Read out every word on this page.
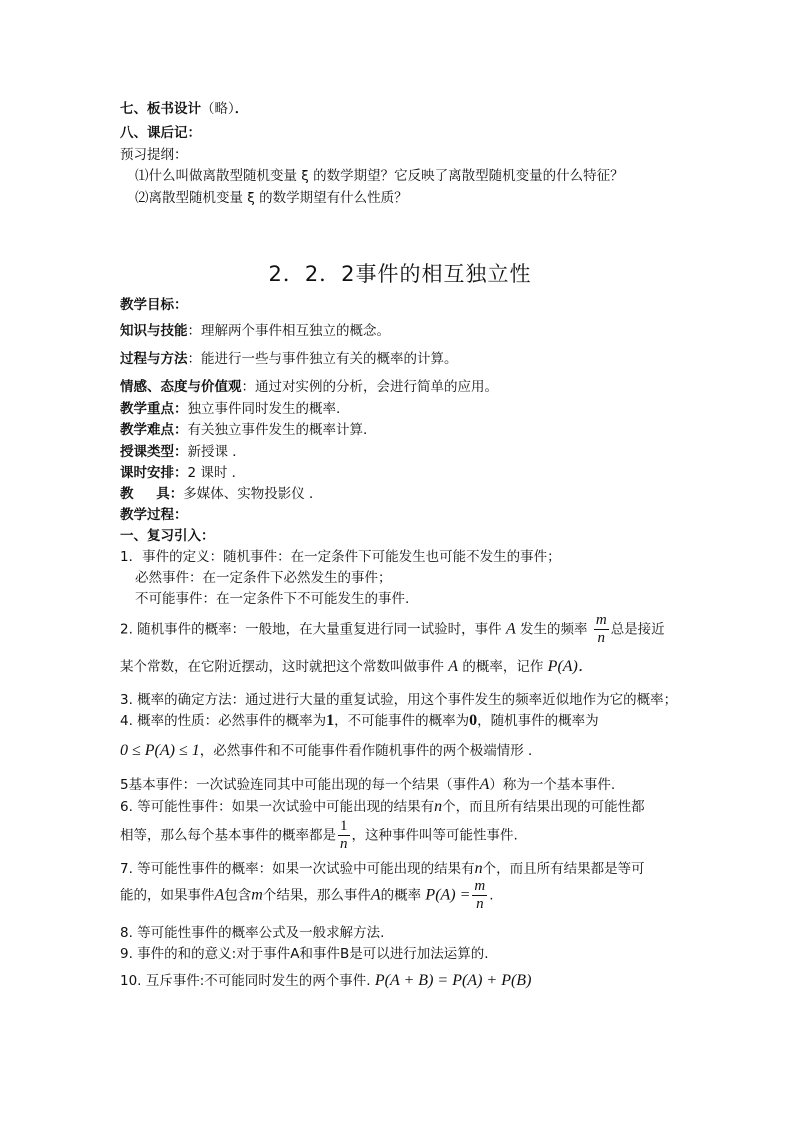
七、板书设计（略）．
八、课后记：
预习提纲：
⑴什么叫做离散型随机变量 ξ 的数学期望？它反映了离散型随机变量的什么特征？
⑵离散型随机变量 ξ 的数学期望有什么性质？
2．2．2事件的相互独立性
教学目标：
知识与技能：理解两个事件相互独立的概念。
过程与方法：能进行一些与事件独立有关的概率的计算。
情感、态度与价值观：通过对实例的分析，会进行简单的应用。
教学重点：独立事件同时发生的概率.
教学难点：有关独立事件发生的概率计算.
授课类型：新授课 ．
课时安排：2 课时 ．
教 具：多媒体、实物投影仪 ．
教学过程：
一、复习引入：
1．事件的定义：随机事件：在一定条件下可能发生也可能不发生的事件；
必然事件：在一定条件下必然发生的事件；
不可能事件：在一定条件下不可能发生的事件.
2. 随机事件的概率：一般地，在大量重复进行同一试验时，事件 A 发生的频率 $\frac{m}{n}$ 总是接近
某个常数，在它附近摆动，这时就把这个常数叫做事件 A 的概率，记作 P(A)．
3. 概率的确定方法：通过进行大量的重复试验，用这个事件发生的频率近似地作为它的概率；
4. 概率的性质：必然事件的概率为1，不可能事件的概率为0，随机事件的概率为
0 ≤ P(A) ≤ 1，必然事件和不可能事件看作随机事件的两个极端情形 ．
5基本事件：一次试验连同其中可能出现的每一个结果（事件A）称为一个基本事件.
6. 等可能性事件：如果一次试验中可能出现的结果有n个，而且所有结果出现的可能性都
相等，那么每个基本事件的概率都是 $\frac{1}{n}$ ，这种事件叫等可能性事件.
7. 等可能性事件的概率：如果一次试验中可能出现的结果有n个，而且所有结果都是等可
能的，如果事件A包含m个结果，那么事件A的概率 $P(A) = \frac{m}{n}$ .
8. 等可能性事件的概率公式及一般求解方法.
9. 事件的和的意义:对于事件A和事件B是可以进行加法运算的.
10. 互斥事件:不可能同时发生的两个事件. P(A + B) = P(A) + P(B)
